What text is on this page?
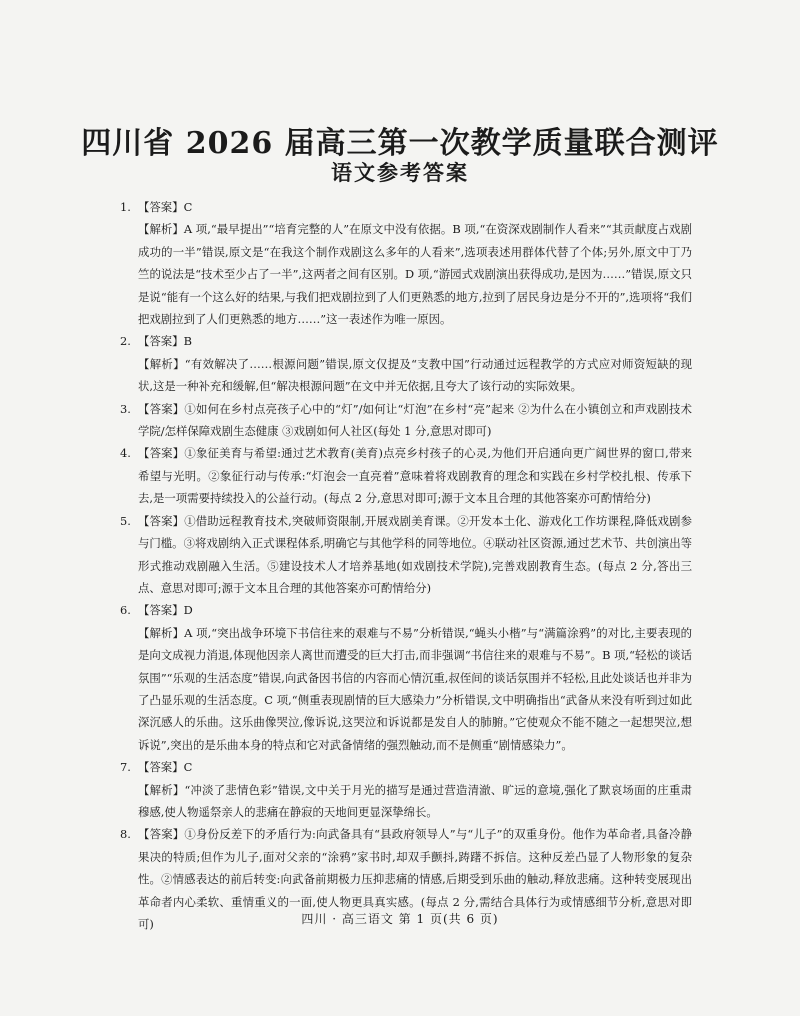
四川省 2026 届高三第一次教学质量联合测评
语文参考答案
1. 【答案】C

【解析】A 项,“最早提出”“培育完整的人”在原文中没有依据。B 项,“在资深戏剧制作人看来”“其贡献度占戏剧成功的一半”错误,原文是“在我这个制作戏剧这么多年的人看来”,选项表述用群体代替了个体;另外,原文中丁乃竺的说法是“技术至少占了一半”,这两者之间有区别。D 项,“游园式戏剧演出获得成功,是因为……”错误,原文只是说“能有一个这么好的结果,与我们把戏剧拉到了人们更熟悉的地方,拉到了居民身边是分不开的”,选项将“我们把戏剧拉到了人们更熟悉的地方……”这一表述作为唯一原因。

2. 【答案】B

【解析】“有效解决了……根源问题”错误,原文仅提及“支教中国”行动通过远程教学的方式应对师资短缺的现状,这是一种补充和缓解,但“解决根源问题”在文中并无依据,且夸大了该行动的实际效果。

3. 【答案】①如何在乡村点亮孩子心中的“灯”/如何让“灯泡”在乡村“亮”起来 ②为什么在小镇创立和声戏剧技术学院/怎样保障戏剧生态健康 ③戏剧如何人社区(每处 1 分,意思对即可)

4. 【答案】①象征美育与希望:通过艺术教育(美育)点亮乡村孩子的心灵,为他们开启通向更广阔世界的窗口,带来希望与光明。②象征行动与传承:“灯泡会一直亮着”意味着将戏剧教育的理念和实践在乡村学校扎根、传承下去,是一项需要持续投入的公益行动。(每点 2 分,意思对即可;源于文本且合理的其他答案亦可酌情给分)

5. 【答案】①借助远程教育技术,突破师资限制,开展戏剧美育课。②开发本土化、游戏化工作坊课程,降低戏剧参与门槛。③将戏剧纳入正式课程体系,明确它与其他学科的同等地位。④联动社区资源,通过艺术节、共创演出等形式推动戏剧融入生活。⑤建设技术人才培养基地(如戏剧技术学院),完善戏剧教育生态。(每点 2 分,答出三点、意思对即可;源于文本且合理的其他答案亦可酌情给分)

6. 【答案】D

【解析】A 项,“突出战争环境下书信往来的艰难与不易”分析错误,“蝇头小楷”与“满篇涂鸦”的对比,主要表现的是向文成视力消退,体现他因亲人离世而遭受的巨大打击,而非强调“书信往来的艰难与不易”。B 项,“轻松的谈话氛围”“乐观的生活态度”错误,向武备因书信的内容而心情沉重,叔侄间的谈话氛围并不轻松,且此处谈话也并非为了凸显乐观的生活态度。C 项,“侧重表现剧情的巨大感染力”分析错误,文中明确指出“武备从来没有听到过如此深沉感人的乐曲。这乐曲像哭泣,像诉说,这哭泣和诉说都是发自人的肺腑。”它使观众不能不随之一起想哭泣,想诉说”,突出的是乐曲本身的特点和它对武备情绪的强烈触动,而不是侧重“剧情感染力”。

7. 【答案】C

【解析】“冲淡了悲情色彩”错误,文中关于月光的描写是通过营造清澈、旷远的意境,强化了默哀场面的庄重肃穆感,使人物遥祭亲人的悲痛在静寂的天地间更显深挚绵长。

8. 【答案】①身份反差下的矛盾行为:向武备具有“县政府领导人”与“儿子”的双重身份。他作为革命者,具备冷静果决的特质;但作为儿子,面对父亲的“涂鸦”家书时,却双手颤抖,踌躇不拆信。这种反差凸显了人物形象的复杂性。②情感表达的前后转变:向武备前期极力压抑悲痛的情感,后期受到乐曲的触动,释放悲痛。这种转变展现出革命者内心柔软、重情重义的一面,使人物更具真实感。(每点 2 分,需结合具体行为或情感细节分析,意思对即可)	四川 · 高三语文 第 1 页(共 6 页)
